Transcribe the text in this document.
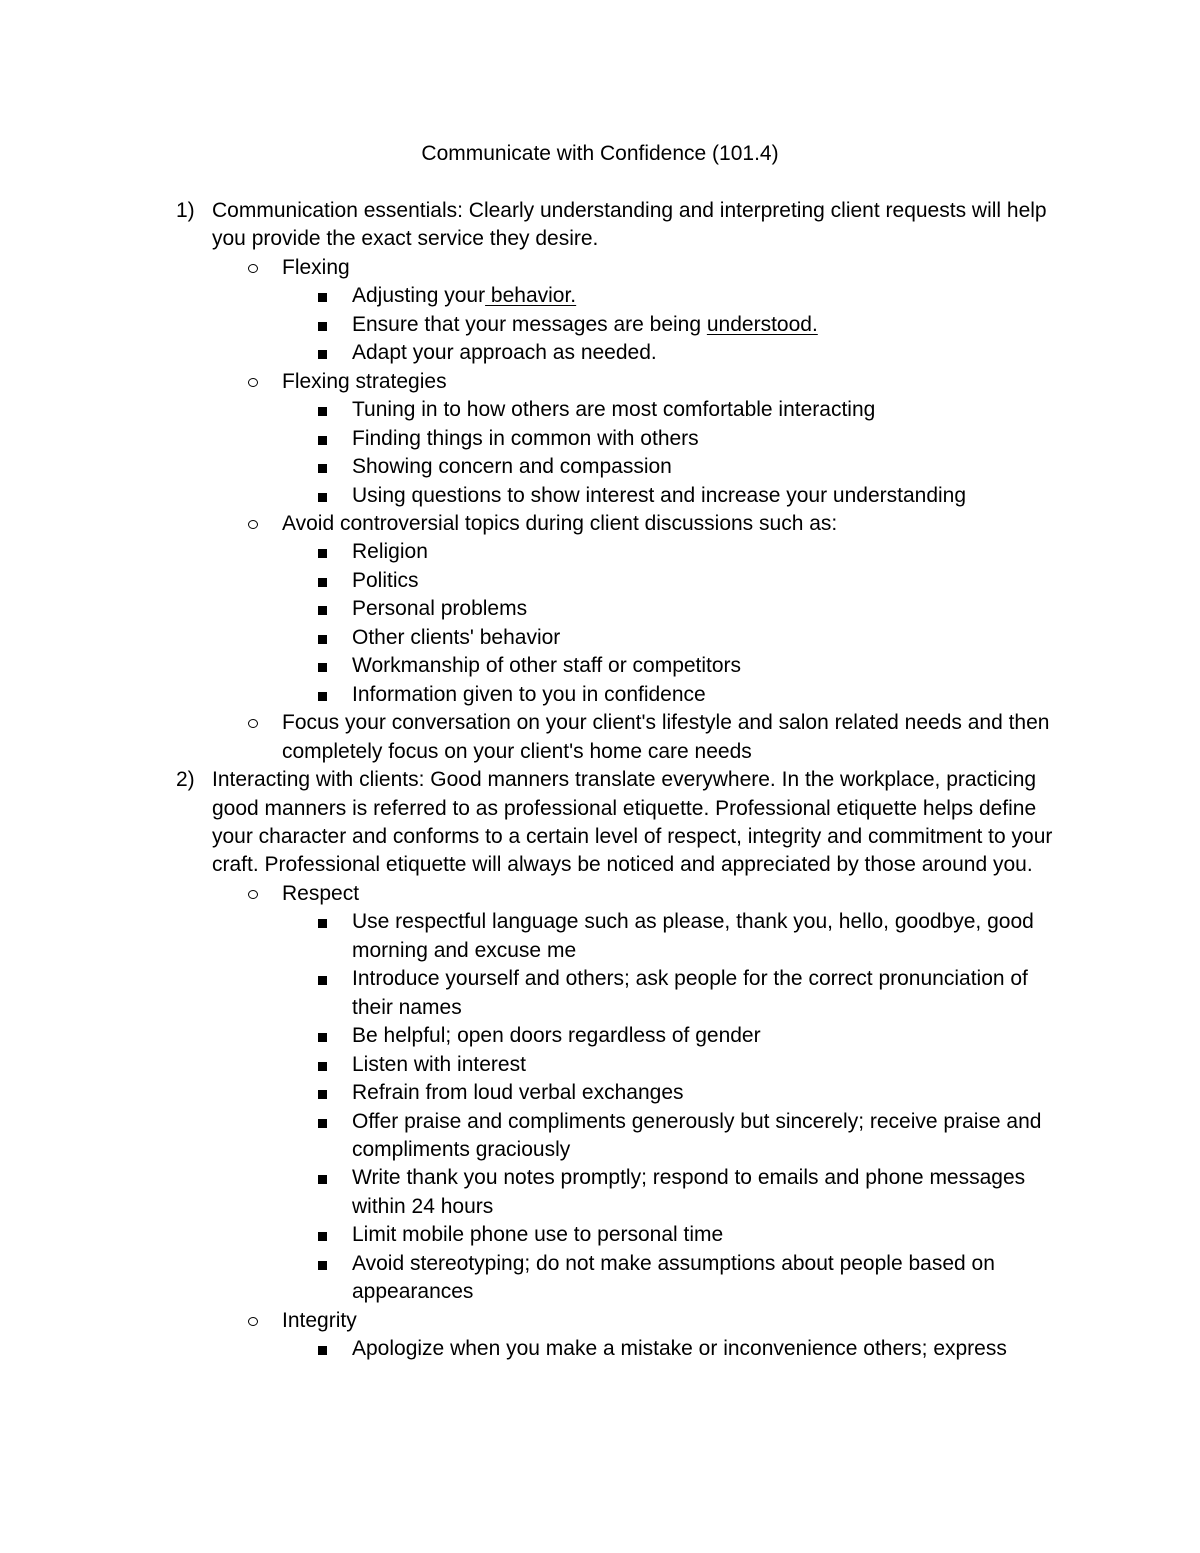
Communicate with Confidence (101.4)
1) Communication essentials: Clearly understanding and interpreting client requests will help you provide the exact service they desire.
Flexing
Adjusting your behavior.
Ensure that your messages are being understood.
Adapt your approach as needed.
Flexing strategies
Tuning in to how others are most comfortable interacting
Finding things in common with others
Showing concern and compassion
Using questions to show interest and increase your understanding
Avoid controversial topics during client discussions such as:
Religion
Politics
Personal problems
Other clients' behavior
Workmanship of other staff or competitors
Information given to you in confidence
Focus your conversation on your client's lifestyle and salon related needs and then completely focus on your client's home care needs
2) Interacting with clients: Good manners translate everywhere. In the workplace, practicing good manners is referred to as professional etiquette. Professional etiquette helps define your character and conforms to a certain level of respect, integrity and commitment to your craft. Professional etiquette will always be noticed and appreciated by those around you.
Respect
Use respectful language such as please, thank you, hello, goodbye, good morning and excuse me
Introduce yourself and others; ask people for the correct pronunciation of their names
Be helpful; open doors regardless of gender
Listen with interest
Refrain from loud verbal exchanges
Offer praise and compliments generously but sincerely; receive praise and compliments graciously
Write thank you notes promptly; respond to emails and phone messages within 24 hours
Limit mobile phone use to personal time
Avoid stereotyping; do not make assumptions about people based on appearances
Integrity
Apologize when you make a mistake or inconvenience others; express
